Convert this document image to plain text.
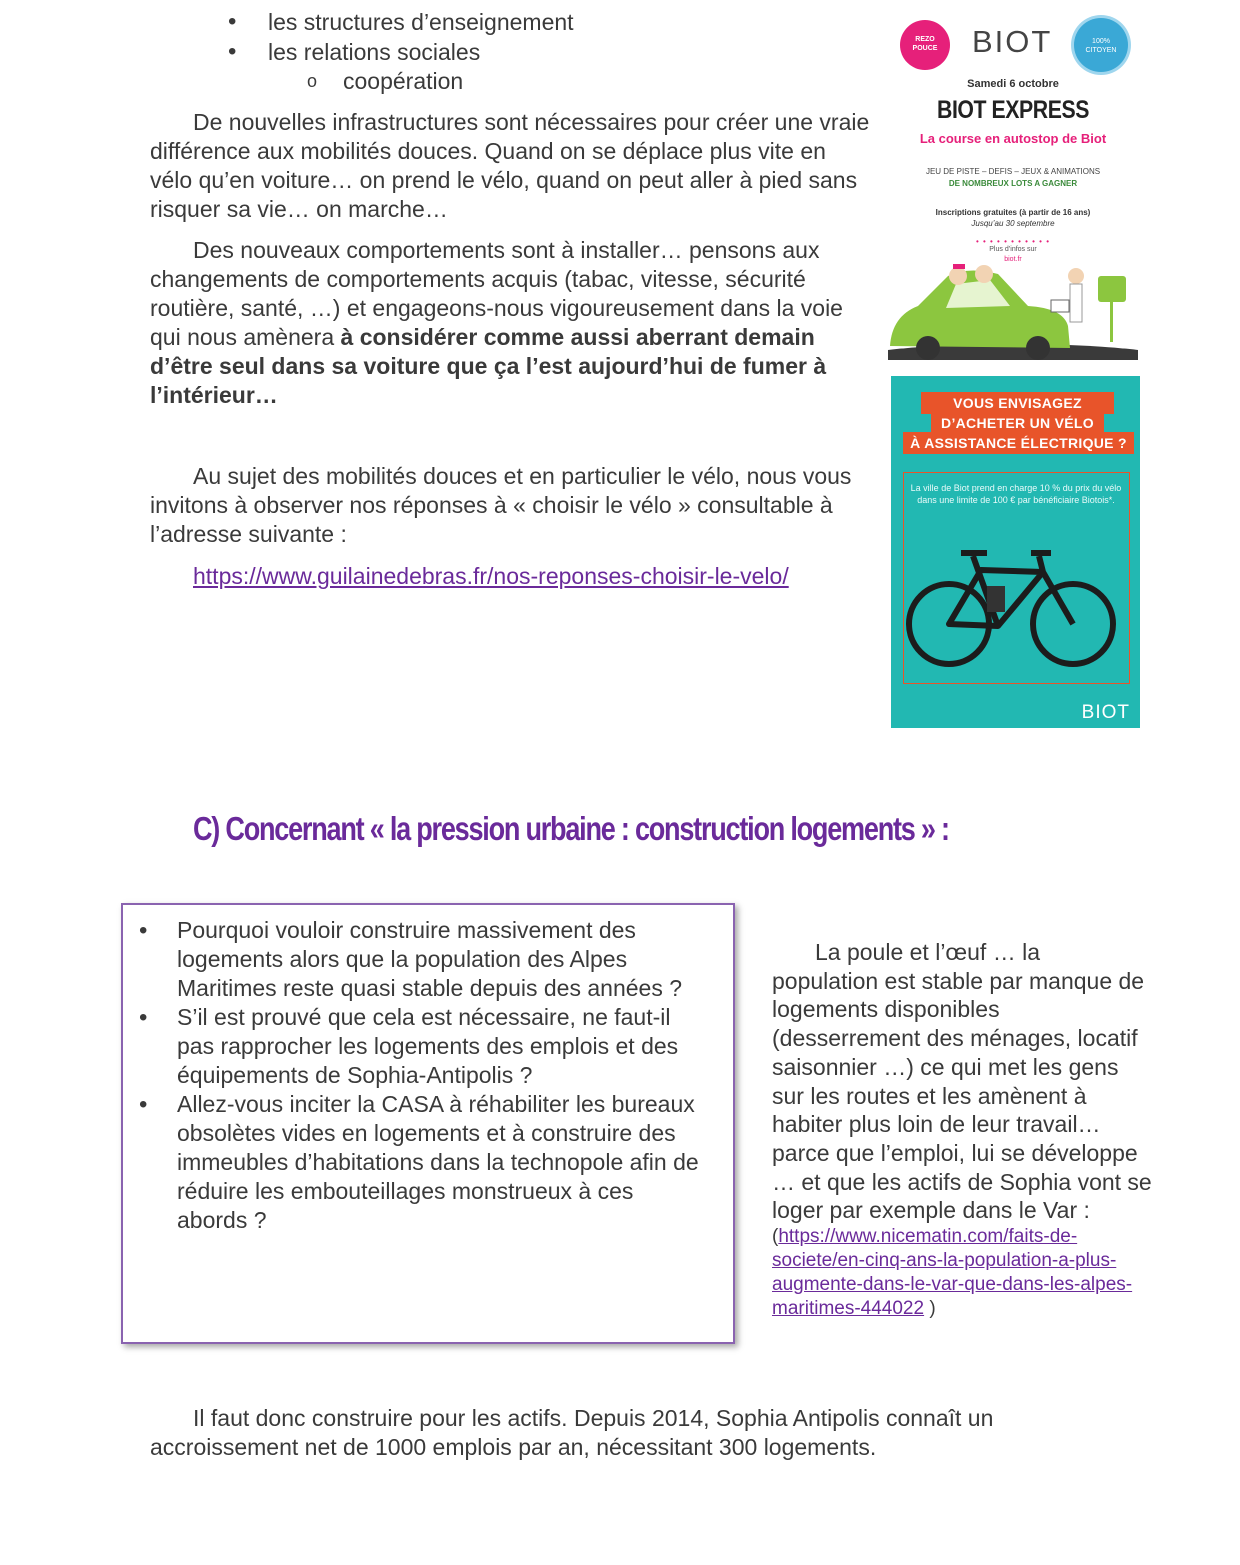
• les structures d’enseignement
• les relations sociales
o coopération

De nouvelles infrastructures sont nécessaires pour créer une vraie différence aux mobilités douces. Quand on se déplace plus vite en vélo qu’en voiture… on prend le vélo, quand on peut aller à pied sans risquer sa vie… on marche…

Des nouveaux comportements sont à installer… pensons aux changements de comportements acquis (tabac, vitesse, sécurité routière, santé, …) et engageons-nous vigoureusement dans la voie qui nous amènera à considérer comme aussi aberrant demain d’être seul dans sa voiture que ça l’est aujourd’hui de fumer à l’intérieur…

Au sujet des mobilités douces et en particulier le vélo, nous vous invitons à observer nos réponses à « choisir le vélo » consultable à l’adresse suivante :

https://www.guilainedebras.fr/nos-reponses-choisir-le-velo/
REZO POUCE BIOT	100% CITOYEN
Samedi 6 octobre
BIOT EXPRESS
La course en autostop de Biot
JEU DE PISTE – DEFIS – JEUX & ANIMATIONS
DE NOMBREUX LOTS A GAGNER
Inscriptions gratuites (à partir de 16 ans)
Jusqu’au 30 septembre
• • • • • • • • • • •
Plus d’infos sur
biot.fr
VOUS ENVISAGEZ
D’ACHETER UN VÉLO
À ASSISTANCE ÉLECTRIQUE ?
La ville de Biot prend en charge 10 % du prix du vélo dans une limite de 100 € par bénéficiaire Biotois*.
BIOT
C) Concernant « la pression urbaine : construction logements » :
• Pourquoi vouloir construire massivement des logements alors que la population des Alpes Maritimes reste quasi stable depuis des années ?
• S’il est prouvé que cela est nécessaire, ne faut-il pas rapprocher les logements des emplois et des équipements de Sophia-Antipolis ?
• Allez-vous inciter la CASA à réhabiliter les bureaux obsolètes vides en logements et à construire des immeubles d’habitations dans la technopole afin de réduire les embouteillages monstrueux à ces abords ?
La poule et l’œuf … la population est stable par manque de logements disponibles (desserrement des ménages, locatif saisonnier …) ce qui met les gens sur les routes et les amènent à habiter plus loin de leur travail… parce que l’emploi, lui se développe … et que les actifs de Sophia vont se loger par exemple dans le Var :
(https://www.nicematin.com/faits-de-societe/en-cinq-ans-la-population-a-plus-augmente-dans-le-var-que-dans-les-alpes-maritimes-444022 )

Il faut donc construire pour les actifs. Depuis 2014, Sophia Antipolis connaît un accroissement net de 1000 emplois par an, nécessitant 300 logements.
